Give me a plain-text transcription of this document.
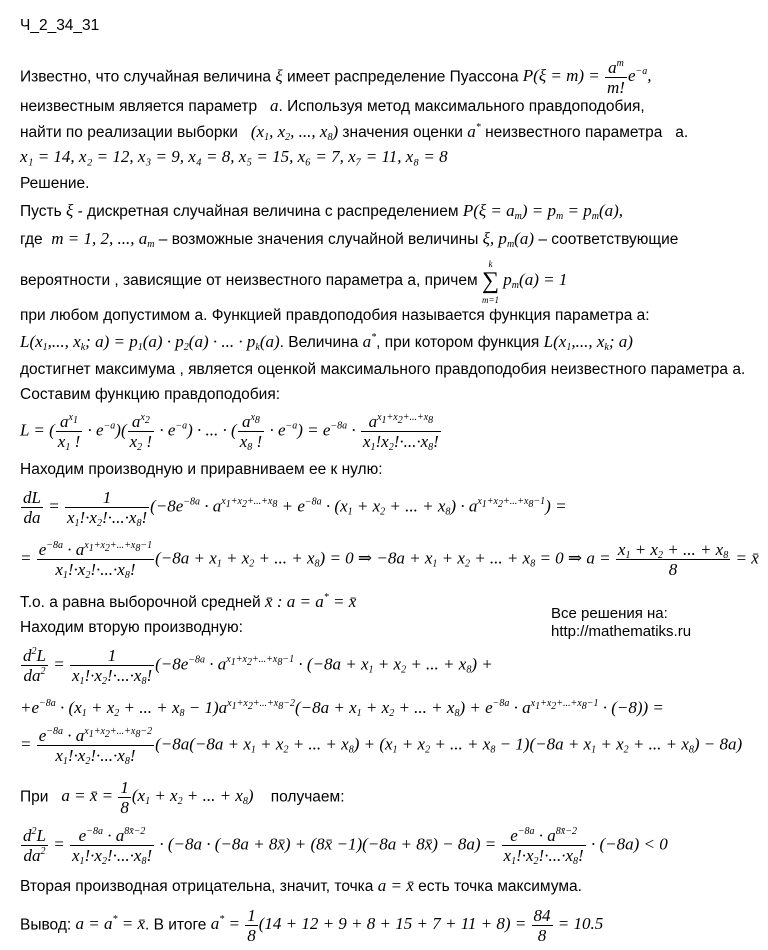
Ч_2_34_31
Известно, что случайная величина ξ имеет распределение Пуассона $P(\xi = m) = \frac{a^m}{m!} e^{-a}$,
неизвестным является параметр a. Используя метод максимального правдоподобия,
найти по реализации выборки ($x_1$, $x_2$, ..., $x_8$) значения оценки a* неизвестного параметра a.
x₁ = 14, x₂ = 12, x₃ = 9, x₄ = 8, x₅ = 15, x₆ = 7, x₇ = 11, x₈ = 8
Решение.
Пусть ξ - дискретная случайная величина с распределением $P(\xi = a_m) = p_m = p_m(a)$,
где m = 1, 2, ..., $a_m$ – возможные значения случайной величины ξ, $p_m(a)$ – соответствующие
вероятности , зависящие от неизвестного параметра a, причем k
∑
m=1 $p_m(a) = 1$
при любом допустимом a. Функцией правдоподобия называется функция параметра a:
$L(x_1$,..., $x_k$; $a) = p_1(a) \cdot p_2(a)$ · ... · $p_k(a)$. Величина a*, при котором функция $L(x_1$,..., $x_k$; a)
достигнет максимума , является оценкой максимального правдоподобия неизвестного параметра a.
Составим функцию правдоподобия:
L = ( $\frac{a^{x_1}}{x_1 !} \cdot e^{-a})( \frac{a^{x_2}}{x_2 !} \cdot e^{-a})$ · ... · ( $\frac{a^{x_8}}{x_8 !} \cdot e^{-a}) = e^{-8a} \cdot \frac{a^{x_1+x_2+...+x_8}}{x_1!x_2!\cdot...\cdot x_8!}$
Находим производную и приравниваем ее к нулю:
$\frac{dL}{da} = \frac{1}{x_1!\cdot x_2!\cdot...\cdot x_8!} (-8e^{-8a} \cdot a^{x_1+x_2+...+x_8} + e^{-8a} \cdot (x_1 + x_2$ + ... + $x_8) \cdot a^{x_1+x_2+...+x_8-1}$) =
= $\frac{e^{-8a} \cdot a^{x_1+x_2+...+x_8-1}}{x_1!\cdot x_2!\cdot...\cdot x_8!} (-8a + x_1 + x_2$ + ... + $x_8) = 0$ ⇒ $-8a + x_1 + x_2$ + ... + $x_8 = 0$ ⇒ $a = \frac{x_1 + x_2 + ... + x_8}{8}$ = x̄
Т.о. a равна выборочной средней x̄ : a = a* = x̄
Все решения на:
http://mathematiks.ru
Находим вторую производную:
$\frac{d^2L}{da^2} = \frac{1}{x_1!\cdot x_2!\cdot...\cdot x_8!} (-8e^{-8a} \cdot a^{x_1+x_2+...+x_8-1} \cdot (-8a + x_1 + x_2$ + ... + $x_8$) +
$+e^{-8a} \cdot (x_1 + x_2$ + ... + $x_8 - 1)a^{x_1+x_2+...+x_8-2}(-8a + x_1 + x_2$ + ... + $x_8) + e^{-8a} \cdot a^{x_1+x_2+...+x_8-1} \cdot (-8)$) =
= $\frac{e^{-8a} \cdot a^{x_1+x_2+...+x_8-2}}{x_1!\cdot x_2!\cdot...\cdot x_8!} (-8a(-8a + x_1 + x_2$ + ... + $x_8) + (x_1 + x_2$ + ... + $x_8 - 1)(-8a + x_1 + x_2$ + ... + $x_8) - 8a$)
При a = x̄ = $\frac{1}{8} (x_1 + x_2$ + ... + $x_8$) получаем:
$\frac{d^2L}{da^2} = \frac{e^{-8a} \cdot a^{8x̄-2}}{x_1!\cdot x_2!\cdot...\cdot x_8!} \cdot (-8a \cdot (-8a$ + 8x̄) + (8x̄ −1)(−8a + 8x̄) − $8a) = \frac{e^{-8a} \cdot a^{8x̄-2}}{x_1!\cdot x_2!\cdot...\cdot x_8!} \cdot (-8a) < 0$
Вторая производная отрицательна, значит, точка a = x̄ есть точка максимума.
Вывод: a = a* = x̄. В итоге $a^* = \frac{1}{8} (14 + 12 + 9 + 8 + 15 + 7 + 11 + 8) = \frac{84}{8} = 10.5$
